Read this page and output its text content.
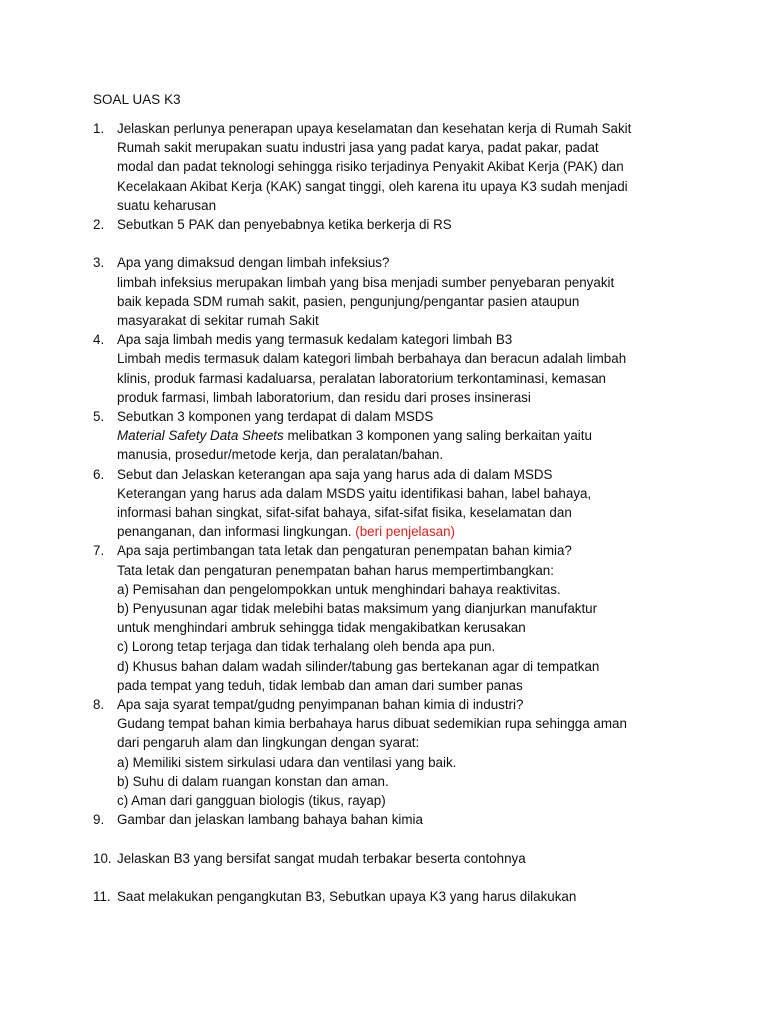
SOAL UAS K3
1. Jelaskan perlunya penerapan upaya keselamatan dan kesehatan kerja di Rumah Sakit
Rumah sakit merupakan suatu industri jasa yang padat karya, padat pakar, padat
modal dan padat teknologi sehingga risiko terjadinya Penyakit Akibat Kerja (PAK) dan
Kecelakaan Akibat Kerja (KAK) sangat tinggi, oleh karena itu upaya K3 sudah menjadi
suatu keharusan
2. Sebutkan 5 PAK dan penyebabnya ketika berkerja di RS
3. Apa yang dimaksud dengan limbah infeksius?
limbah infeksius merupakan limbah yang bisa menjadi sumber penyebaran penyakit
baik kepada SDM rumah sakit, pasien, pengunjung/pengantar pasien ataupun
masyarakat di sekitar rumah Sakit
4. Apa saja limbah medis yang termasuk kedalam kategori limbah B3
Limbah medis termasuk dalam kategori limbah berbahaya dan beracun adalah limbah
klinis, produk farmasi kadaluarsa, peralatan laboratorium terkontaminasi, kemasan
produk farmasi, limbah laboratorium, dan residu dari proses insinerasi
5. Sebutkan 3 komponen yang terdapat di dalam MSDS
Material Safety Data Sheets melibatkan 3 komponen yang saling berkaitan yaitu
manusia, prosedur/metode kerja, dan peralatan/bahan.
6. Sebut dan Jelaskan keterangan apa saja yang harus ada di dalam MSDS
Keterangan yang harus ada dalam MSDS yaitu identifikasi bahan, label bahaya,
informasi bahan singkat, sifat-sifat bahaya, sifat-sifat fisika, keselamatan dan
penanganan, dan informasi lingkungan. (beri penjelasan)
7. Apa saja pertimbangan tata letak dan pengaturan penempatan bahan kimia?
Tata letak dan pengaturan penempatan bahan harus mempertimbangkan:
a) Pemisahan dan pengelompokkan untuk menghindari bahaya reaktivitas.
b) Penyusunan agar tidak melebihi batas maksimum yang dianjurkan manufaktur
untuk menghindari ambruk sehingga tidak mengakibatkan kerusakan
c) Lorong tetap terjaga dan tidak terhalang oleh benda apa pun.
d) Khusus bahan dalam wadah silinder/tabung gas bertekanan agar di tempatkan
pada tempat yang teduh, tidak lembab dan aman dari sumber panas
8. Apa saja syarat tempat/gudng penyimpanan bahan kimia di industri?
Gudang tempat bahan kimia berbahaya harus dibuat sedemikian rupa sehingga aman
dari pengaruh alam dan lingkungan dengan syarat:
a) Memiliki sistem sirkulasi udara dan ventilasi yang baik.
b) Suhu di dalam ruangan konstan dan aman.
c) Aman dari gangguan biologis (tikus, rayap)
9. Gambar dan jelaskan lambang bahaya bahan kimia
10. Jelaskan B3 yang bersifat sangat mudah terbakar beserta contohnya
11. Saat melakukan pengangkutan B3, Sebutkan upaya K3 yang harus dilakukan
